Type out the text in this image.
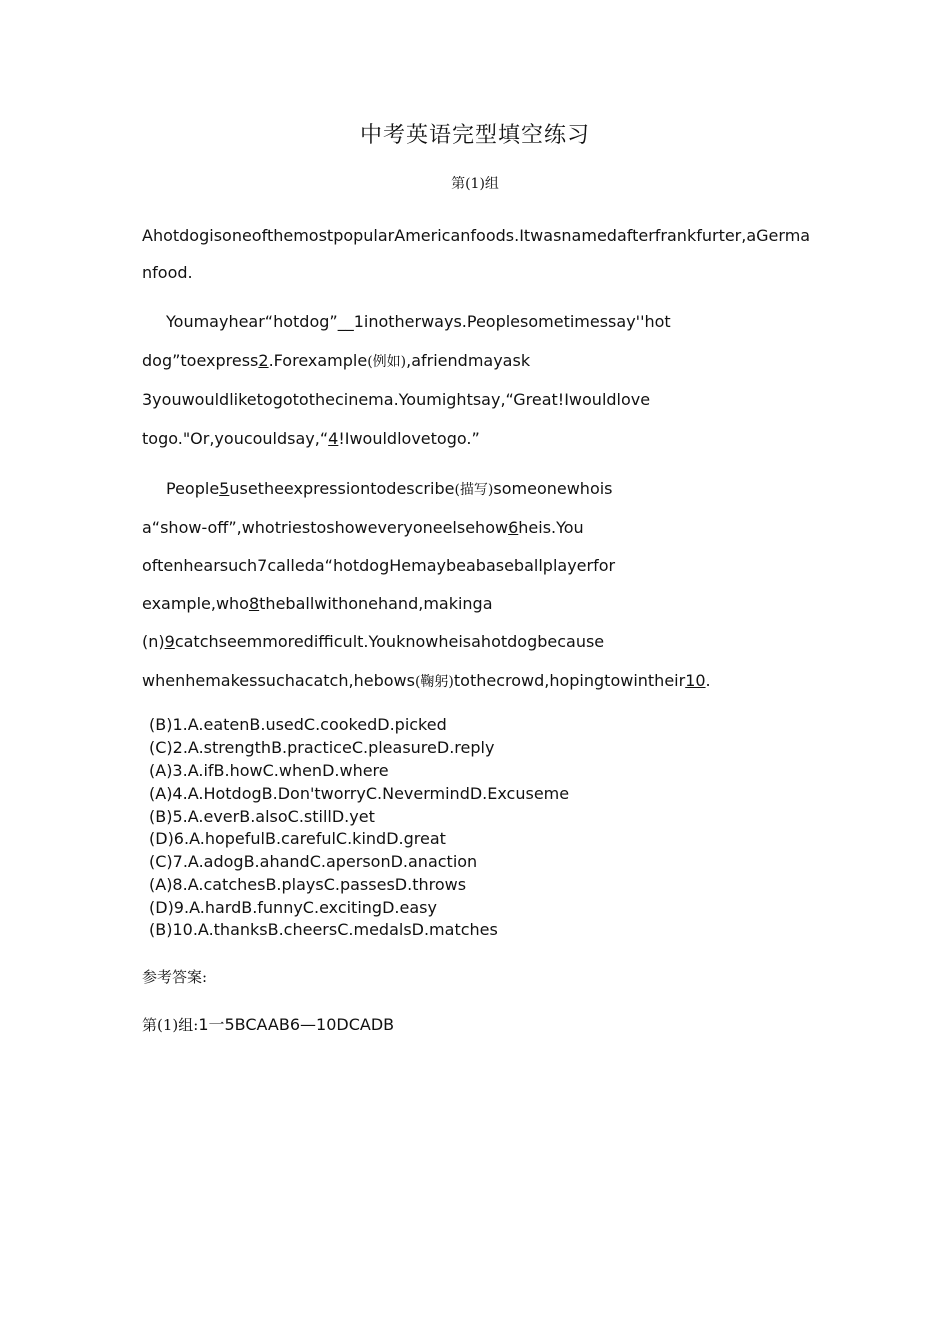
中考英语完型填空练习
第(1)组
AhotdogisoneofthemostpopularAmericanfoods.Itwasnamedafterfrankfurter,aGerma
nfood.
Youmayhear“hotdog”__1inotherways.Peoplesometimessay''hot
dog”toexpress2.Forexample(例如),afriendmayask
3youwouldliketogotothecinema.Youmightsay,“Great!Iwouldlove
togo."Or,youcouldsay,“4!Iwouldlovetogo.”
People5usetheexpressiontodescribe(描写)someonewhois
a“show-off”,whotriestoshoweveryoneelsehow6heis.You
oftenhearsuch7calleda“hotdogHemaybeabaseballplayerfor
example,who8theballwithonehand,makinga
(n)9catchseemmoredifficult.Youknowheisahotdogbecause
whenhemakessuchacatch,hebows(鞠躬)tothecrowd,hopingtowintheir10.
(B)1.A.eatenB.usedC.cookedD.picked
(C)2.A.strengthB.practiceC.pleasureD.reply
(A)3.A.ifB.howC.whenD.where
(A)4.A.HotdogB.Don'tworryC.NevermindD.Excuseme
(B)5.A.everB.alsoC.stillD.yet
(D)6.A.hopefulB.carefulC.kindD.great
(C)7.A.adogB.ahandC.apersonD.anaction
(A)8.A.catchesB.playsC.passesD.throws
(D)9.A.hardB.funnyC.excitingD.easy
(B)10.A.thanksB.cheersC.medalsD.matches
参考答案:
第(1)组:1一5BCAAB6—10DCADB
